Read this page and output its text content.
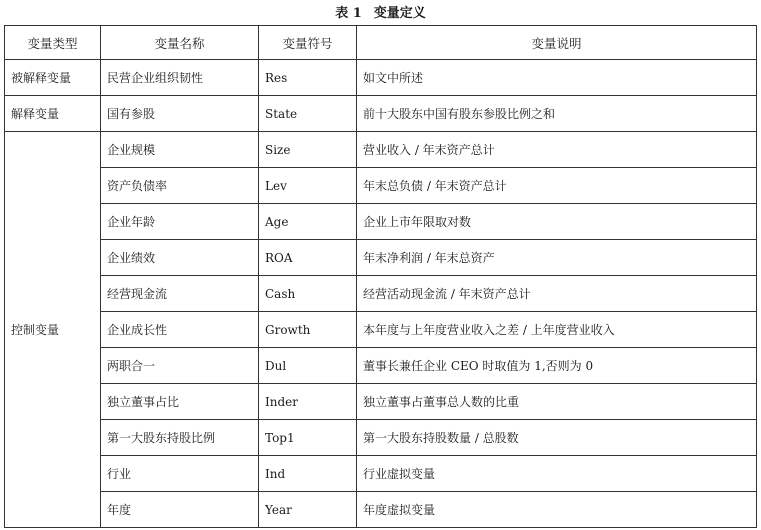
表 1 变量定义
变量类型	变量名称	变量符号	变量说明
被解释变量	民营企业组织韧性	Res	如文中所述
解释变量	国有参股	State	前十大股东中国有股东参股比例之和
控制变量	企业规模	Size	营业收入 / 年末资产总计
	资产负债率	Lev	年末总负债 / 年末资产总计
	企业年龄	Age	企业上市年限取对数
	企业绩效	ROA	年末净利润 / 年末总资产
	经营现金流	Cash	经营活动现金流 / 年末资产总计
	企业成长性	Growth	本年度与上年度营业收入之差 / 上年度营业收入
	两职合一	Dul	董事长兼任企业 CEO 时取值为 1,否则为 0
	独立董事占比	Inder	独立董事占董事总人数的比重
	第一大股东持股比例	Top1	第一大股东持股数量 / 总股数
	行业	Ind	行业虚拟变量
	年度	Year	年度虚拟变量
